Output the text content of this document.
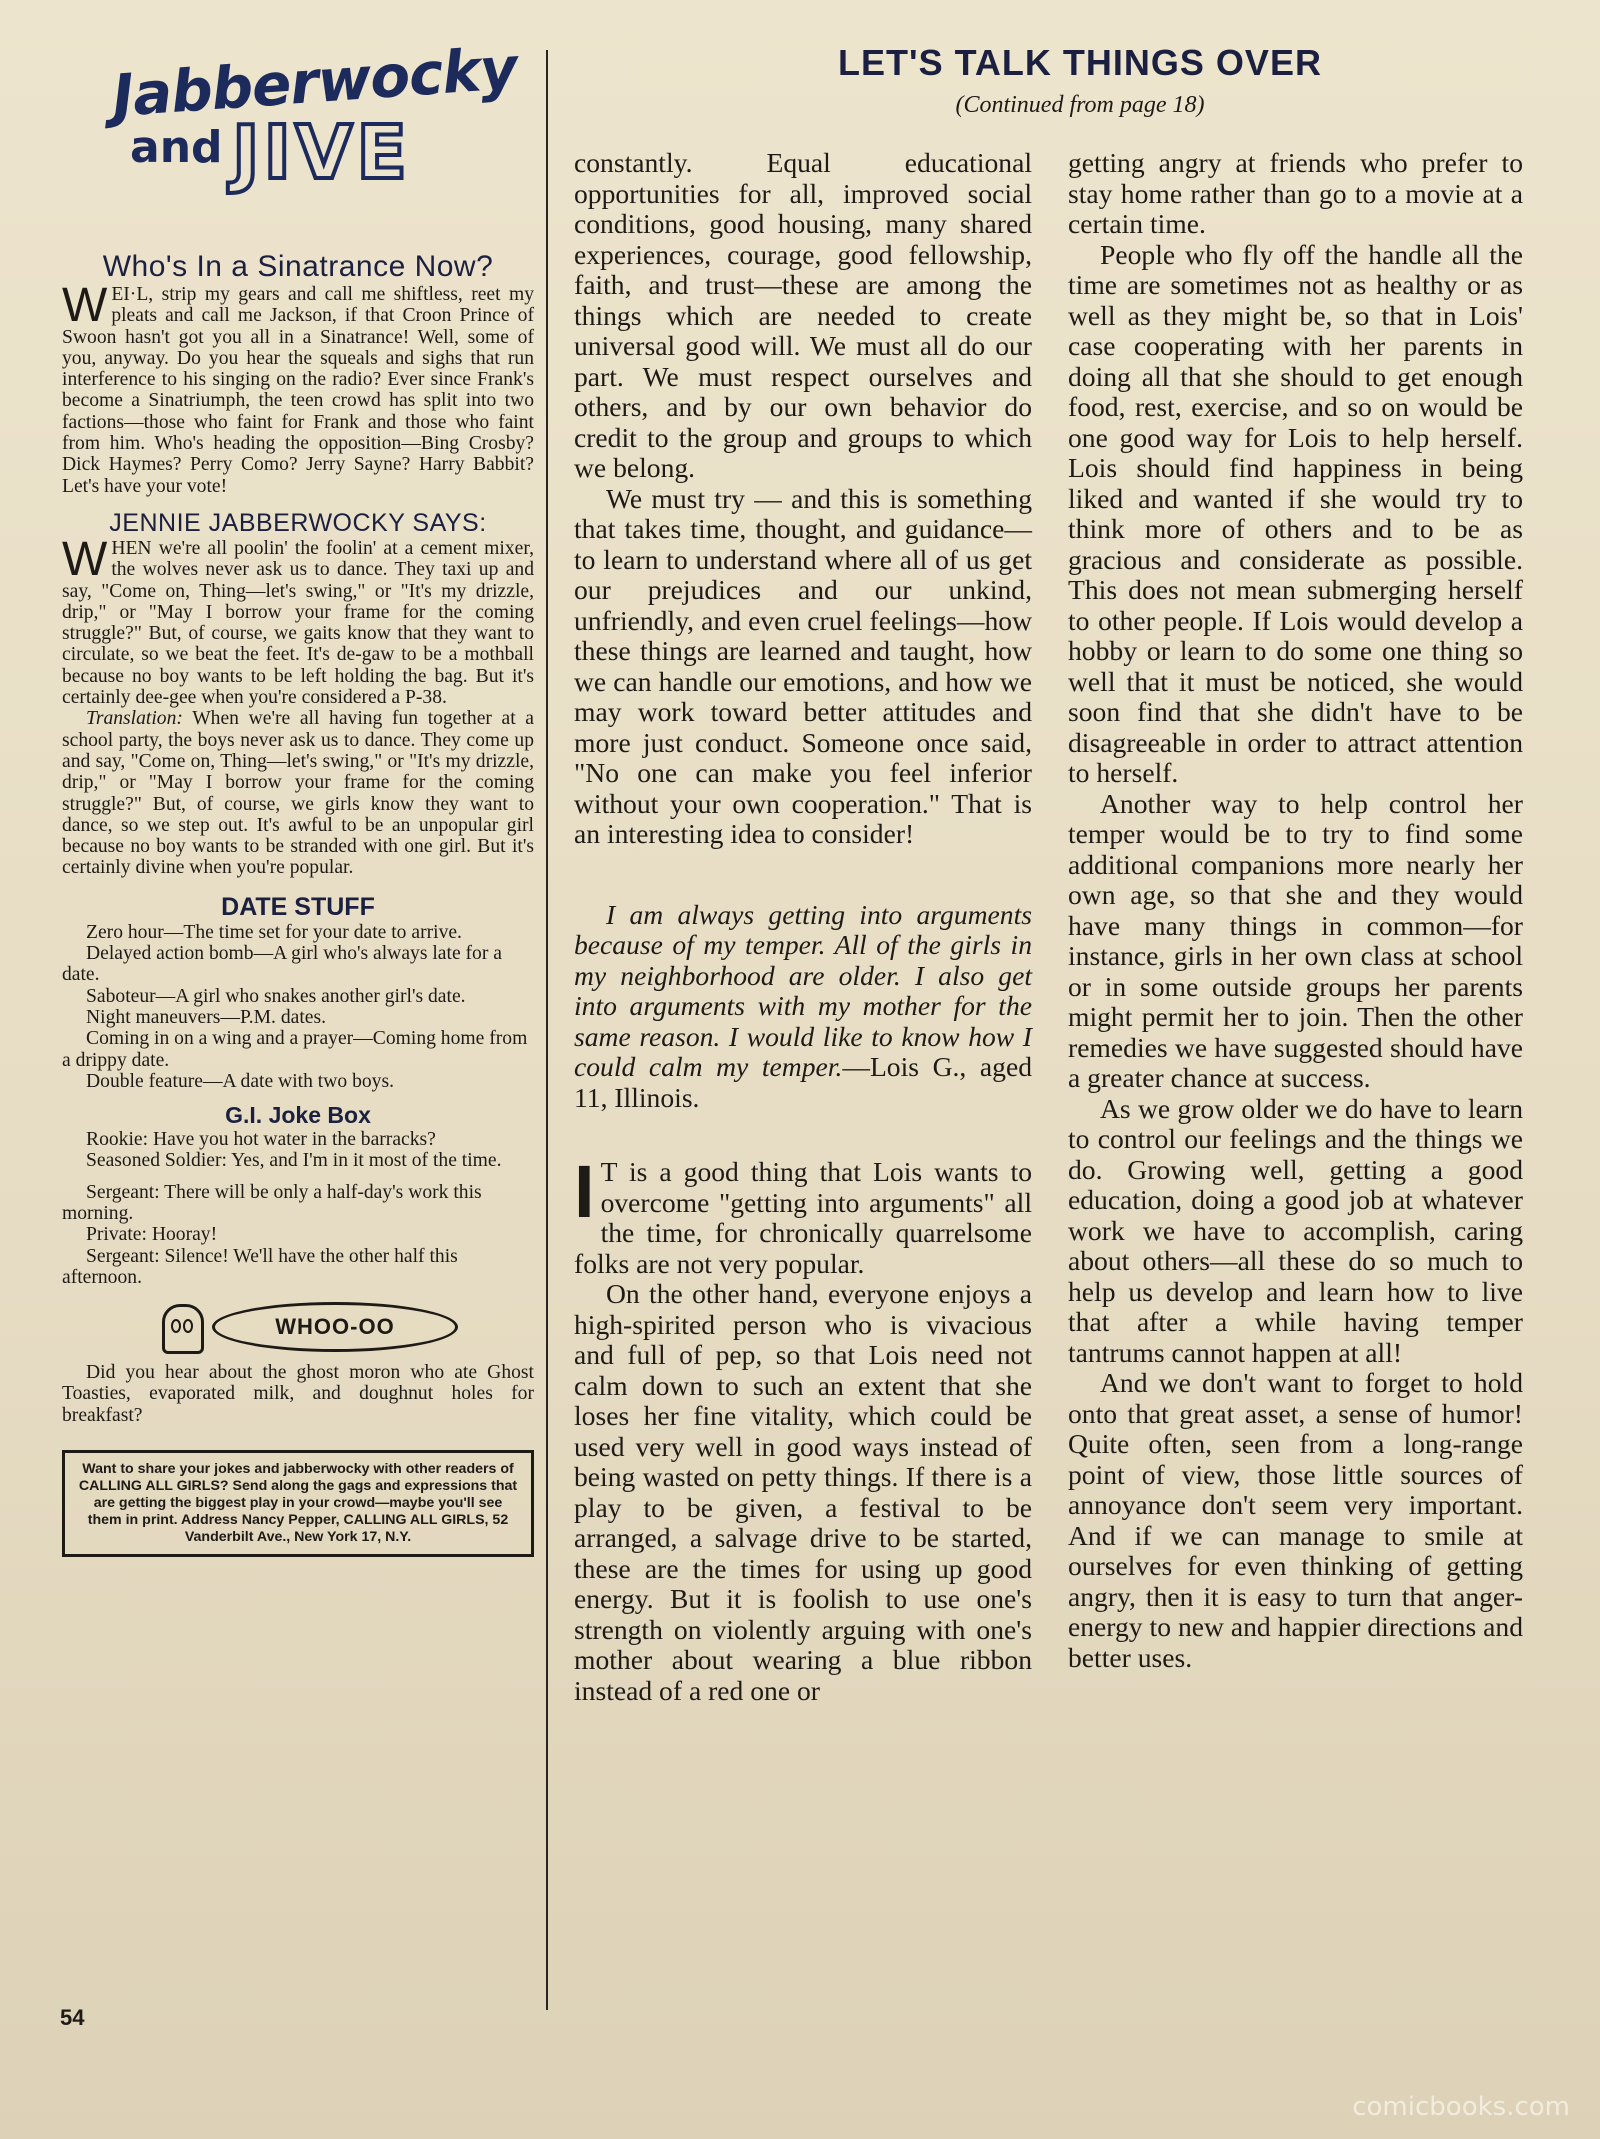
Jabberwocky
and JIVE
Who's In a Sinatrance Now?

WEI·L, strip my gears and call me shiftless, reet my pleats and call me Jackson, if that Croon Prince of Swoon hasn't got you all in a Sinatrance! Well, some of you, anyway. Do you hear the squeals and sighs that run interference to his singing on the radio? Ever since Frank's become a Sinatriumph, the teen crowd has split into two factions—those who faint for Frank and those who faint from him. Who's heading the opposition—Bing Crosby? Dick Haymes? Perry Como? Jerry Sayne? Harry Babbit? Let's have your vote!

JENNIE JABBERWOCKY SAYS:

WHEN we're all poolin' the foolin' at a cement mixer, the wolves never ask us to dance. They taxi up and say, "Come on, Thing—let's swing," or "It's my drizzle, drip," or "May I borrow your frame for the coming struggle?" But, of course, we gaits know that they want to circulate, so we beat the feet. It's de-gaw to be a mothball because no boy wants to be left holding the bag. But it's certainly dee-gee when you're considered a P-38.

Translation: When we're all having fun together at a school party, the boys never ask us to dance. They come up and say, "Come on, Thing—let's swing," or "It's my drizzle, drip," or "May I borrow your frame for the coming struggle?" But, of course, we girls know they want to dance, so we step out. It's awful to be an unpopular girl because no boy wants to be stranded with one girl. But it's certainly divine when you're popular.

DATE STUFF

Zero hour—The time set for your date to arrive.

Delayed action bomb—A girl who's always late for a date.

Saboteur—A girl who snakes another girl's date.

Night maneuvers—P.M. dates.

Coming in on a wing and a prayer—Coming home from a drippy date.

Double feature—A date with two boys.

G.I. Joke Box

Rookie: Have you hot water in the barracks?

Seasoned Soldier: Yes, and I'm in it most of the time.

Sergeant: There will be only a half-day's work this morning.

Private: Hooray!

Sergeant: Silence! We'll have the other half this afternoon.

WHOO-OO

Did you hear about the ghost moron who ate Ghost Toasties, evaporated milk, and doughnut holes for breakfast?

Want to share your jokes and jabberwocky with other readers of CALLING ALL GIRLS? Send along the gags and expressions that are getting the biggest play in your crowd—maybe you'll see them in print. Address Nancy Pepper, CALLING ALL GIRLS, 52 Vanderbilt Ave., New York 17, N.Y.
54
LET'S TALK THINGS OVER
(Continued from page 18)

constantly. Equal educational opportunities for all, improved social conditions, good housing, many shared experiences, courage, good fellowship, faith, and trust—these are among the things which are needed to create universal good will. We must all do our part. We must respect ourselves and others, and by our own behavior do credit to the group and groups to which we belong.

We must try — and this is something that takes time, thought, and guidance—to learn to understand where all of us get our prejudices and our unkind, unfriendly, and even cruel feelings—how these things are learned and taught, how we can handle our emotions, and how we may work toward better attitudes and more just conduct. Someone once said, "No one can make you feel inferior without your own cooperation." That is an interesting idea to consider!

I am always getting into arguments because of my temper. All of the girls in my neighborhood are older. I also get into arguments with my mother for the same reason. I would like to know how I could calm my temper.—Lois G., aged 11, Illinois.

I T is a good thing that Lois wants to overcome "getting into arguments" all the time, for chronically quarrelsome folks are not very popular.

On the other hand, everyone enjoys a high-spirited person who is vivacious and full of pep, so that Lois need not calm down to such an extent that she loses her fine vitality, which could be used very well in good ways instead of being wasted on petty things. If there is a play to be given, a festival to be arranged, a salvage drive to be started, these are the times for using up good energy. But it is foolish to use one's strength on violently arguing with one's mother about wearing a blue ribbon instead of a red one or

getting angry at friends who prefer to stay home rather than go to a movie at a certain time.

People who fly off the handle all the time are sometimes not as healthy or as well as they might be, so that in Lois' case cooperating with her parents in doing all that she should to get enough food, rest, exercise, and so on would be one good way for Lois to help herself. Lois should find happiness in being liked and wanted if she would try to think more of others and to be as gracious and considerate as possible. This does not mean submerging herself to other people. If Lois would develop a hobby or learn to do some one thing so well that it must be noticed, she would soon find that she didn't have to be disagreeable in order to attract attention to herself.

Another way to help control her temper would be to try to find some additional companions more nearly her own age, so that she and they would have many things in common—for instance, girls in her own class at school or in some outside groups her parents might permit her to join. Then the other remedies we have suggested should have a greater chance at success.

As we grow older we do have to learn to control our feelings and the things we do. Growing well, getting a good education, doing a good job at whatever work we have to accomplish, caring about others—all these do so much to help us develop and learn how to live that after a while having temper tantrums cannot happen at all!

And we don't want to forget to hold onto that great asset, a sense of humor! Quite often, seen from a long-range point of view, those little sources of annoyance don't seem very important. And if we can manage to smile at ourselves for even thinking of getting angry, then it is easy to turn that anger-energy to new and happier directions and better uses.

comicbooks.com
